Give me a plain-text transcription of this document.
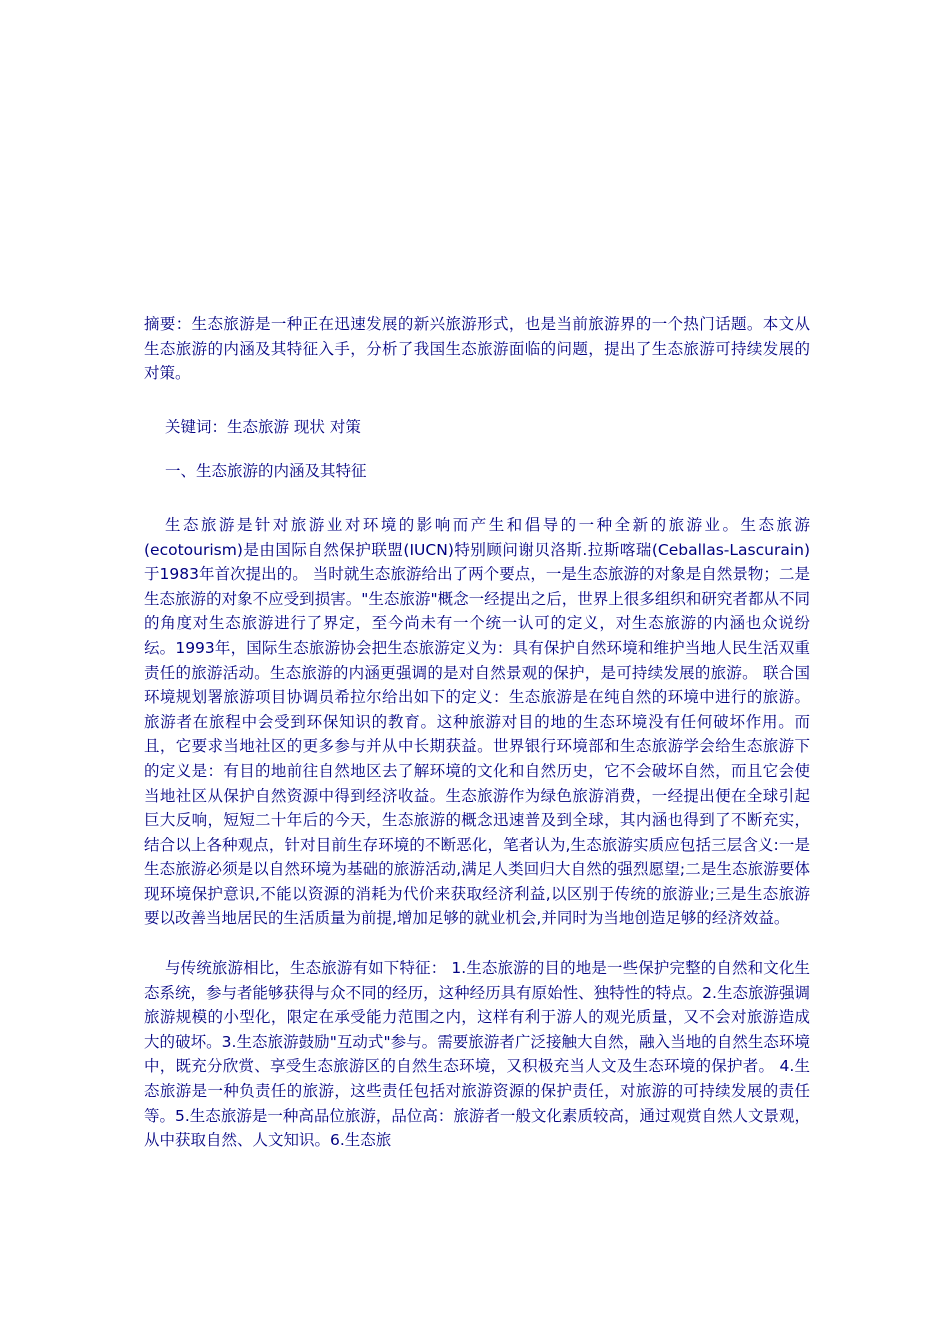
摘要：生态旅游是一种正在迅速发展的新兴旅游形式，也是当前旅游界的一个热门话题。本文从生态旅游的内涵及其特征入手，分析了我国生态旅游面临的问题，提出了生态旅游可持续发展的对策。

关键词：生态旅游 现状 对策

一、生态旅游的内涵及其特征

生态旅游是针对旅游业对环境的影响而产生和倡导的一种全新的旅游业。生态旅游(ecotourism)是由国际自然保护联盟(IUCN)特别顾问谢贝洛斯.拉斯喀瑞(Ceballas-Lascurain)于1983年首次提出的。 当时就生态旅游给出了两个要点，一是生态旅游的对象是自然景物；二是生态旅游的对象不应受到损害。"生态旅游"概念一经提出之后，世界上很多组织和研究者都从不同的角度对生态旅游进行了界定，至今尚未有一个统一认可的定义，对生态旅游的内涵也众说纷纭。1993年，国际生态旅游协会把生态旅游定义为：具有保护自然环境和维护当地人民生活双重责任的旅游活动。生态旅游的内涵更强调的是对自然景观的保护，是可持续发展的旅游。 联合国环境规划署旅游项目协调员希拉尔给出如下的定义：生态旅游是在纯自然的环境中进行的旅游。旅游者在旅程中会受到环保知识的教育。这种旅游对目的地的生态环境没有任何破坏作用。而且，它要求当地社区的更多参与并从中长期获益。世界银行环境部和生态旅游学会给生态旅游下的定义是：有目的地前往自然地区去了解环境的文化和自然历史，它不会破坏自然，而且它会使当地社区从保护自然资源中得到经济收益。生态旅游作为绿色旅游消费，一经提出便在全球引起巨大反响，短短二十年后的今天，生态旅游的概念迅速普及到全球，其内涵也得到了不断充实，结合以上各种观点，针对目前生存环境的不断恶化，笔者认为,生态旅游实质应包括三层含义:一是生态旅游必须是以自然环境为基础的旅游活动,满足人类回归大自然的强烈愿望;二是生态旅游要体现环境保护意识,不能以资源的消耗为代价来获取经济利益,以区别于传统的旅游业;三是生态旅游要以改善当地居民的生活质量为前提,增加足够的就业机会,并同时为当地创造足够的经济效益。

与传统旅游相比，生态旅游有如下特征： 1.生态旅游的目的地是一些保护完整的自然和文化生态系统，参与者能够获得与众不同的经历，这种经历具有原始性、独特性的特点。2.生态旅游强调旅游规模的小型化，限定在承受能力范围之内，这样有利于游人的观光质量，又不会对旅游造成大的破坏。3.生态旅游鼓励"互动式"参与。需要旅游者广泛接触大自然，融入当地的自然生态环境中，既充分欣赏、享受生态旅游区的自然生态环境，又积极充当人文及生态环境的保护者。 4.生态旅游是一种负责任的旅游，这些责任包括对旅游资源的保护责任，对旅游的可持续发展的责任等。5.生态旅游是一种高品位旅游，品位高：旅游者一般文化素质较高，通过观赏自然人文景观，从中获取自然、人文知识。6.生态旅
